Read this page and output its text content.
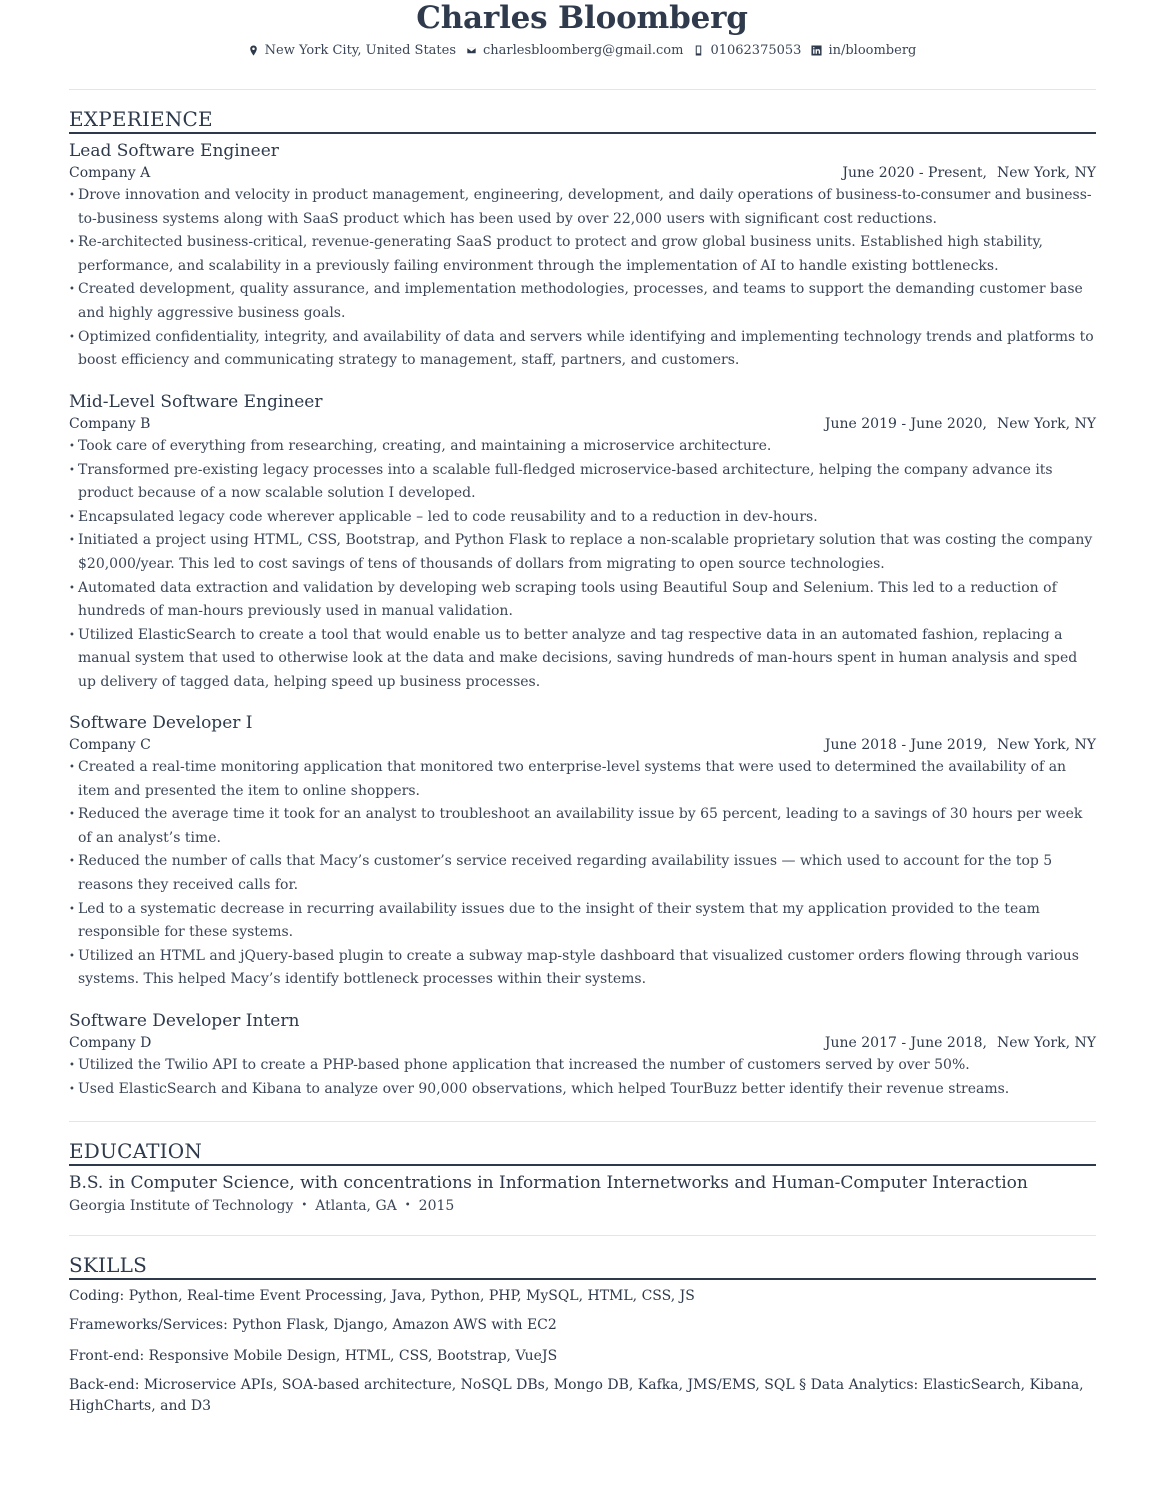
Charles Bloomberg
New York City, United States charlesbloomberg@gmail.com 01062375053 in/bloomberg
EXPERIENCE
Lead Software Engineer
Company A	June 2020 - Present, New York, NY
• Drove innovation and velocity in product management, engineering, development, and daily operations of business-to-consumer and business-to-business systems along with SaaS product which has been used by over 22,000 users with significant cost reductions.
• Re-architected business-critical, revenue-generating SaaS product to protect and grow global business units. Established high stability, performance, and scalability in a previously failing environment through the implementation of AI to handle existing bottlenecks.
• Created development, quality assurance, and implementation methodologies, processes, and teams to support the demanding customer base and highly aggressive business goals.
• Optimized confidentiality, integrity, and availability of data and servers while identifying and implementing technology trends and platforms to boost efficiency and communicating strategy to management, staff, partners, and customers.
Mid-Level Software Engineer
Company B	June 2019 - June 2020, New York, NY
• Took care of everything from researching, creating, and maintaining a microservice architecture.
• Transformed pre-existing legacy processes into a scalable full-fledged microservice-based architecture, helping the company advance its product because of a now scalable solution I developed.
• Encapsulated legacy code wherever applicable – led to code reusability and to a reduction in dev-hours.
• Initiated a project using HTML, CSS, Bootstrap, and Python Flask to replace a non-scalable proprietary solution that was costing the company $20,000/year. This led to cost savings of tens of thousands of dollars from migrating to open source technologies.
• Automated data extraction and validation by developing web scraping tools using Beautiful Soup and Selenium. This led to a reduction of hundreds of man-hours previously used in manual validation.
• Utilized ElasticSearch to create a tool that would enable us to better analyze and tag respective data in an automated fashion, replacing a manual system that used to otherwise look at the data and make decisions, saving hundreds of man-hours spent in human analysis and sped up delivery of tagged data, helping speed up business processes.
Software Developer I
Company C	June 2018 - June 2019, New York, NY
• Created a real-time monitoring application that monitored two enterprise-level systems that were used to determined the availability of an item and presented the item to online shoppers.
• Reduced the average time it took for an analyst to troubleshoot an availability issue by 65 percent, leading to a savings of 30 hours per week of an analyst’s time.
• Reduced the number of calls that Macy’s customer’s service received regarding availability issues — which used to account for the top 5 reasons they received calls for.
• Led to a systematic decrease in recurring availability issues due to the insight of their system that my application provided to the team responsible for these systems.
• Utilized an HTML and jQuery-based plugin to create a subway map-style dashboard that visualized customer orders flowing through various systems. This helped Macy’s identify bottleneck processes within their systems.
Software Developer Intern
Company D	June 2017 - June 2018, New York, NY
• Utilized the Twilio API to create a PHP-based phone application that increased the number of customers served by over 50%.
• Used ElasticSearch and Kibana to analyze over 90,000 observations, which helped TourBuzz better identify their revenue streams.
EDUCATION
B.S. in Computer Science, with concentrations in Information Internetworks and Human-Computer Interaction
Georgia Institute of Technology • Atlanta, GA • 2015
SKILLS
Coding: Python, Real-time Event Processing, Java, Python, PHP, MySQL, HTML, CSS, JS
Frameworks/Services: Python Flask, Django, Amazon AWS with EC2
Front-end: Responsive Mobile Design, HTML, CSS, Bootstrap, VueJS
Back-end: Microservice APIs, SOA-based architecture, NoSQL DBs, Mongo DB, Kafka, JMS/EMS, SQL § Data Analytics: ElasticSearch, Kibana, HighCharts, and D3
